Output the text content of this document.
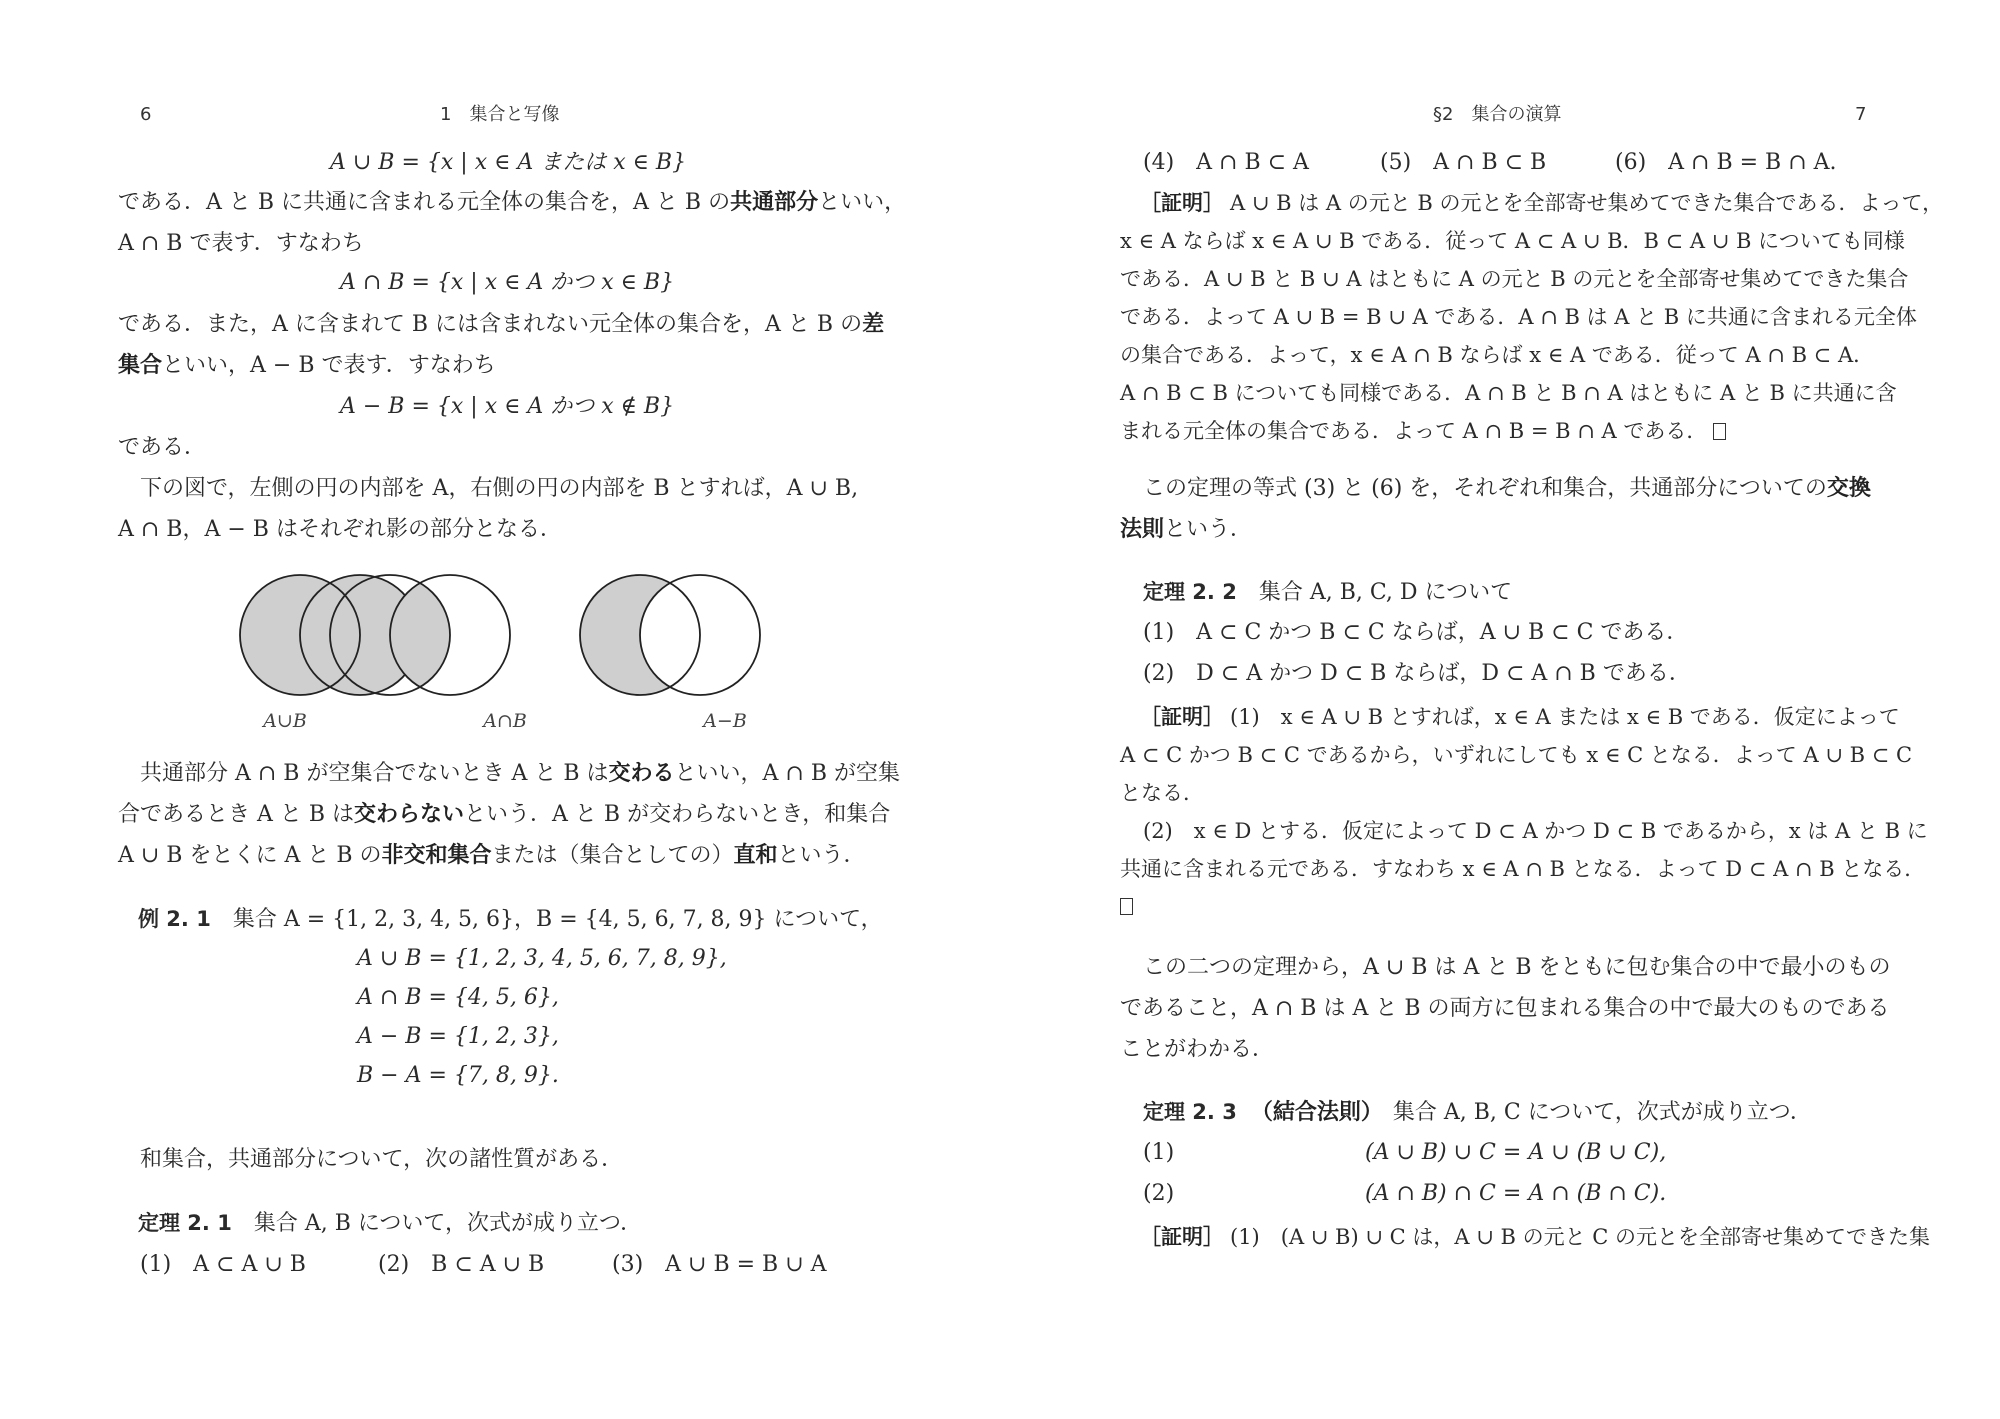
6	1　集合と写像
A ∪ B = {x | x ∈ A または x ∈ B}
である．A と B に共通に含まれる元全体の集合を，A と B の共通部分といい，
A ∩ B で表す．すなわち
A ∩ B = {x | x ∈ A かつ x ∈ B}
である．また，A に含まれて B には含まれない元全体の集合を，A と B の差
集合といい，A − B で表す．すなわち
A − B = {x | x ∈ A かつ x ∉ B}
である．
下の図で，左側の円の内部を A，右側の円の内部を B とすれば，A ∪ B,
A ∩ B，A − B はそれぞれ影の部分となる．
A∪B	A∩B	A−B
共通部分 A ∩ B が空集合でないとき A と B は交わるといい，A ∩ B が空集
合であるとき A と B は交わらないという．A と B が交わらないとき，和集合
A ∪ B をとくに A と B の非交和集合または（集合としての）直和という．
例 2. 1 集合 A = {1, 2, 3, 4, 5, 6}，B = {4, 5, 6, 7, 8, 9} について，
A ∪ B = {1, 2, 3, 4, 5, 6, 7, 8, 9},
A ∩ B = {4, 5, 6},
A − B = {1, 2, 3},
B − A = {7, 8, 9}.
和集合，共通部分について，次の諸性質がある．
定理 2. 1 集合 A, B について，次式が成り立つ．
(1)　A ⊂ A ∪ B	(2)　B ⊂ A ∪ B	(3)　A ∪ B = B ∪ A
§2　集合の演算	7
(4)　A ∩ B ⊂ A	(5)　A ∩ B ⊂ B	(6)　A ∩ B = B ∩ A.
［証明］ A ∪ B は A の元と B の元とを全部寄せ集めてできた集合である．よって，
x ∈ A ならば x ∈ A ∪ B である．従って A ⊂ A ∪ B．B ⊂ A ∪ B についても同様
である．A ∪ B と B ∪ A はともに A の元と B の元とを全部寄せ集めてできた集合
である．よって A ∪ B = B ∪ A である．A ∩ B は A と B に共通に含まれる元全体
の集合である．よって，x ∈ A ∩ B ならば x ∈ A である．従って A ∩ B ⊂ A．
A ∩ B ⊂ B についても同様である．A ∩ B と B ∩ A はともに A と B に共通に含
まれる元全体の集合である．よって A ∩ B = B ∩ A である．
この定理の等式 (3) と (6) を，それぞれ和集合，共通部分についての交換
法則という．
定理 2. 2 集合 A, B, C, D について
(1)　A ⊂ C かつ B ⊂ C ならば，A ∪ B ⊂ C である．
(2)　D ⊂ A かつ D ⊂ B ならば，D ⊂ A ∩ B である．
［証明］ (1)　x ∈ A ∪ B とすれば，x ∈ A または x ∈ B である．仮定によって
A ⊂ C かつ B ⊂ C であるから，いずれにしても x ∈ C となる．よって A ∪ B ⊂ C
となる．
(2)　x ∈ D とする．仮定によって D ⊂ A かつ D ⊂ B であるから，x は A と B に
共通に含まれる元である．すなわち x ∈ A ∩ B となる．よって D ⊂ A ∩ B となる．
この二つの定理から，A ∪ B は A と B をともに包む集合の中で最小のもの
であること，A ∩ B は A と B の両方に包まれる集合の中で最大のものである
ことがわかる．
定理 2. 3 （結合法則） 集合 A, B, C について，次式が成り立つ．
(1)	(A ∪ B) ∪ C = A ∪ (B ∪ C),
(2)	(A ∩ B) ∩ C = A ∩ (B ∩ C).
［証明］ (1)　(A ∪ B) ∪ C は，A ∪ B の元と C の元とを全部寄せ集めてできた集
